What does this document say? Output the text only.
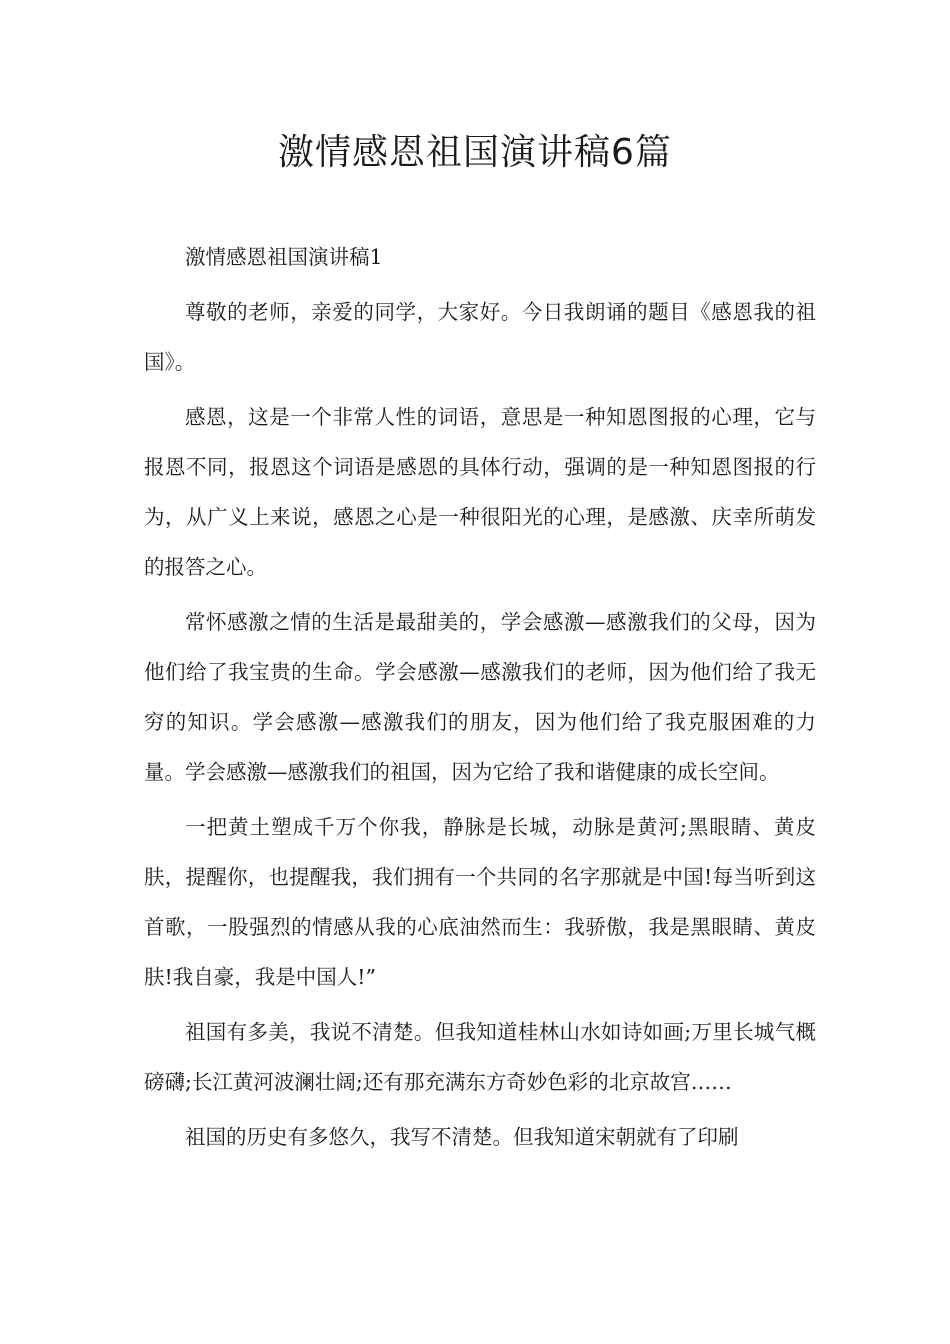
激情感恩祖国演讲稿6篇

激情感恩祖国演讲稿1

尊敬的老师，亲爱的同学，大家好。今日我朗诵的题目《感恩我的祖国》。

感恩，这是一个非常人性的词语，意思是一种知恩图报的心理，它与报恩不同，报恩这个词语是感恩的具体行动，强调的是一种知恩图报的行为，从广义上来说，感恩之心是一种很阳光的心理，是感激、庆幸所萌发的报答之心。

常怀感激之情的生活是最甜美的，学会感激—感激我们的父母，因为他们给了我宝贵的生命。学会感激—感激我们的老师，因为他们给了我无穷的知识。学会感激—感激我们的朋友，因为他们给了我克服困难的力量。学会感激—感激我们的祖国，因为它给了我和谐健康的成长空间。

一把黄土塑成千万个你我，静脉是长城，动脉是黄河;黑眼睛、黄皮肤，提醒你，也提醒我，我们拥有一个共同的名字那就是中国!每当听到这首歌，一股强烈的情感从我的心底油然而生：我骄傲，我是黑眼睛、黄皮肤!我自豪，我是中国人!”

祖国有多美，我说不清楚。但我知道桂林山水如诗如画;万里长城气概磅礴;长江黄河波澜壮阔;还有那充满东方奇妙色彩的北京故宫……

祖国的历史有多悠久，我写不清楚。但我知道宋朝就有了印刷
